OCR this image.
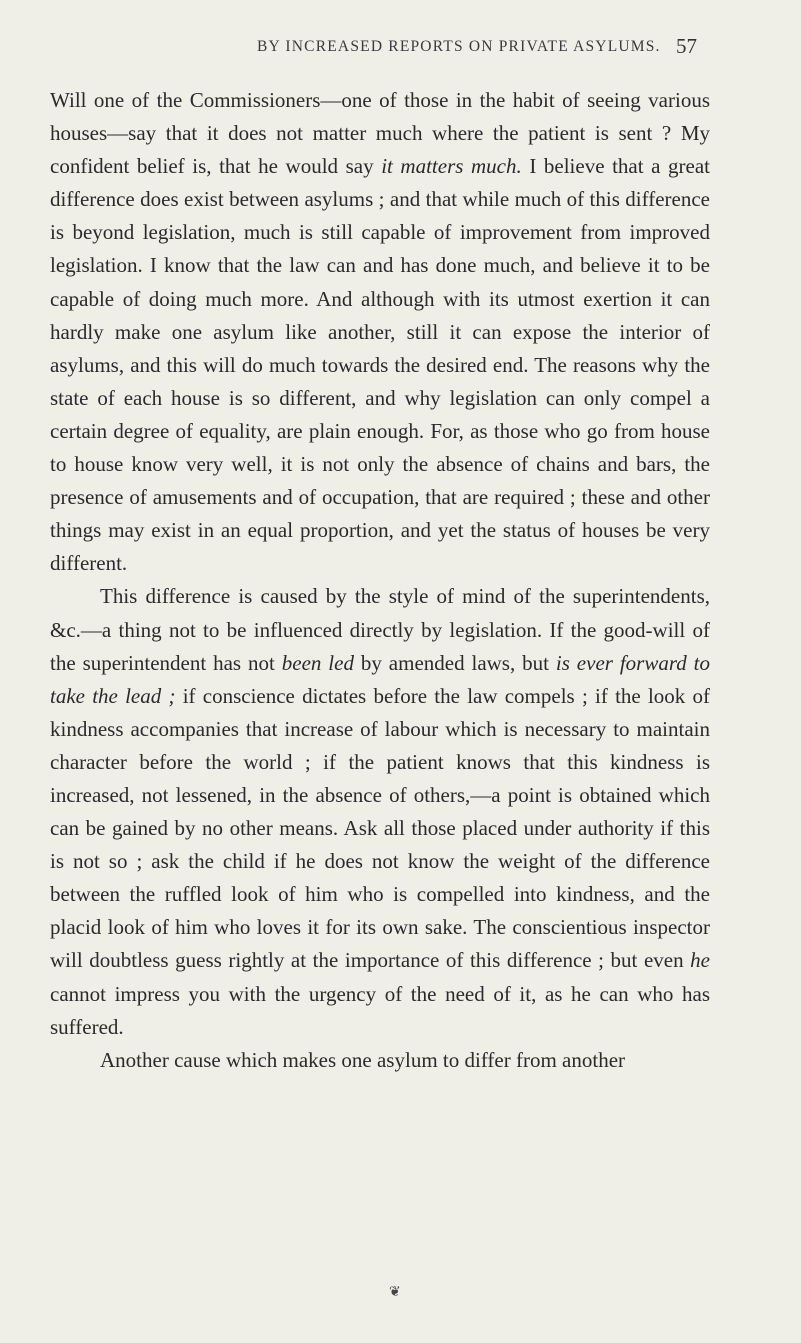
BY INCREASED REPORTS ON PRIVATE ASYLUMS. 57

Will one of the Commissioners—one of those in the habit of seeing various houses—say that it does not matter much where the patient is sent ? My confident belief is, that he would say it matters much. I believe that a great difference does exist between asylums ; and that while much of this difference is beyond legislation, much is still capable of improvement from improved legislation. I know that the law can and has done much, and believe it to be capable of doing much more. And although with its utmost exertion it can hardly make one asylum like another, still it can expose the interior of asylums, and this will do much towards the desired end. The reasons why the state of each house is so different, and why legislation can only compel a certain degree of equality, are plain enough. For, as those who go from house to house know very well, it is not only the absence of chains and bars, the presence of amusements and of occupation, that are required ; these and other things may exist in an equal proportion, and yet the status of houses be very different.

This difference is caused by the style of mind of the superintendents, &c.—a thing not to be influenced directly by legislation. If the good-will of the superintendent has not been led by amended laws, but is ever forward to take the lead ; if conscience dictates before the law compels ; if the look of kindness accompanies that increase of labour which is necessary to maintain character before the world ; if the patient knows that this kindness is increased, not lessened, in the absence of others,—a point is obtained which can be gained by no other means. Ask all those placed under authority if this is not so ; ask the child if he does not know the weight of the difference between the ruffled look of him who is compelled into kindness, and the placid look of him who loves it for its own sake. The conscientious inspector will doubtless guess rightly at the importance of this difference ; but even he cannot impress you with the urgency of the need of it, as he can who has suffered.

Another cause which makes one asylum to differ from another

❦
